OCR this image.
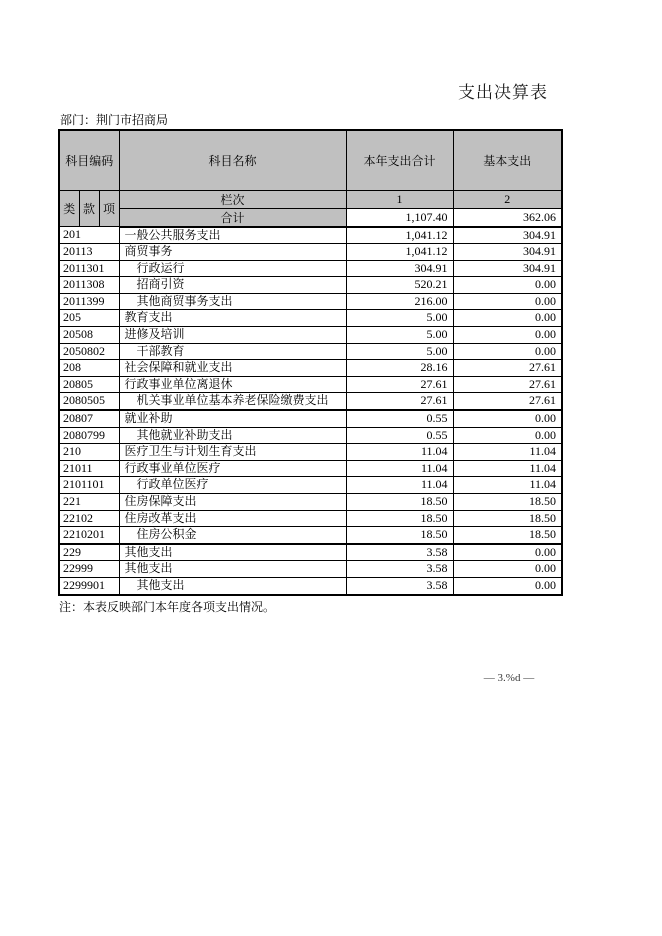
支出决算表
部门：荆门市招商局
科目编码			科目名称	本年支出合计	基本支出
类	款	项	栏次	1	2
			合计	1,107.40	362.06
201			一般公共服务支出	1,041.12	304.91
20113			商贸事务	1,041.12	304.91
2011301			行政运行	304.91	304.91
2011308			招商引资	520.21	0.00
2011399			其他商贸事务支出	216.00	0.00
205			教育支出	5.00	0.00
20508			进修及培训	5.00	0.00
2050802			干部教育	5.00	0.00
208			社会保障和就业支出	28.16	27.61
20805			行政事业单位离退休	27.61	27.61
2080505			机关事业单位基本养老保险缴费支出	27.61	27.61
20807			就业补助	0.55	0.00
2080799			其他就业补助支出	0.55	0.00
210			医疗卫生与计划生育支出	11.04	11.04
21011			行政事业单位医疗	11.04	11.04
2101101			行政单位医疗	11.04	11.04
221			住房保障支出	18.50	18.50
22102			住房改革支出	18.50	18.50
2210201			住房公积金	18.50	18.50
229			其他支出	3.58	0.00
22999			其他支出	3.58	0.00
2299901			其他支出	3.58	0.00
注：本表反映部门本年度各项支出情况。
— 3.%d —
